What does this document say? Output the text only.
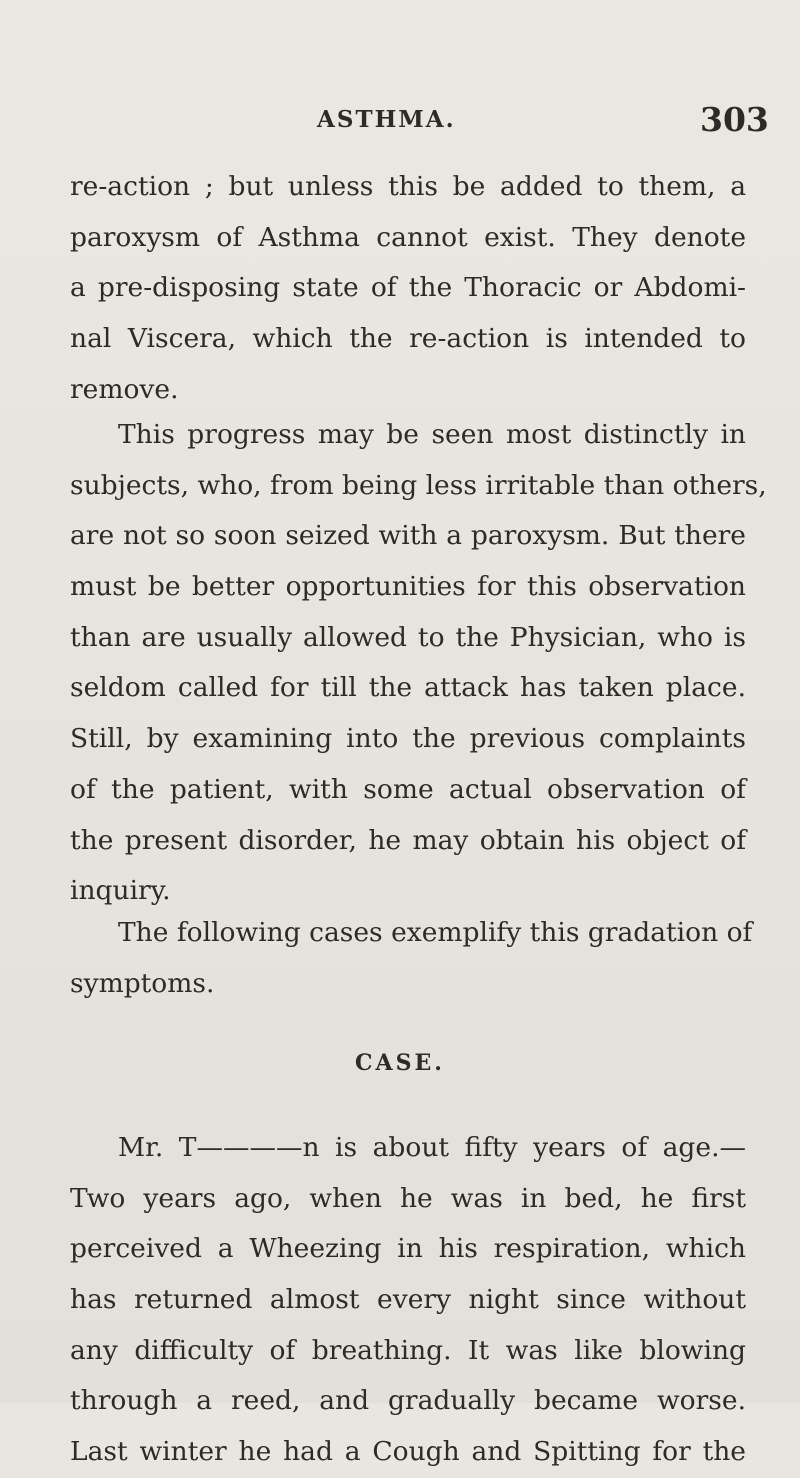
ASTHMA.	303
re-action ; but unless this be added to them, a
paroxysm of Asthma cannot exist. They denote
a pre-disposing state of the Thoracic or Abdomi-
nal Viscera, which the re-action is intended to
remove.
This progress may be seen most distinctly in
subjects, who, from being less irritable than others,
are not so soon seized with a paroxysm. But there
must be better opportunities for this observation
than are usually allowed to the Physician, who is
seldom called for till the attack has taken place.
Still, by examining into the previous complaints
of the patient, with some actual observation of
the present disorder, he may obtain his object of
inquiry.
The following cases exemplify this gradation of
symptoms.
CASE.
Mr. T————n is about fifty years of age.—
Two years ago, when he was in bed, he first
perceived a Wheezing in his respiration, which
has returned almost every night since without
any difficulty of breathing. It was like blowing
through a reed, and gradually became worse.
Last winter he had a Cough and Spitting for the
